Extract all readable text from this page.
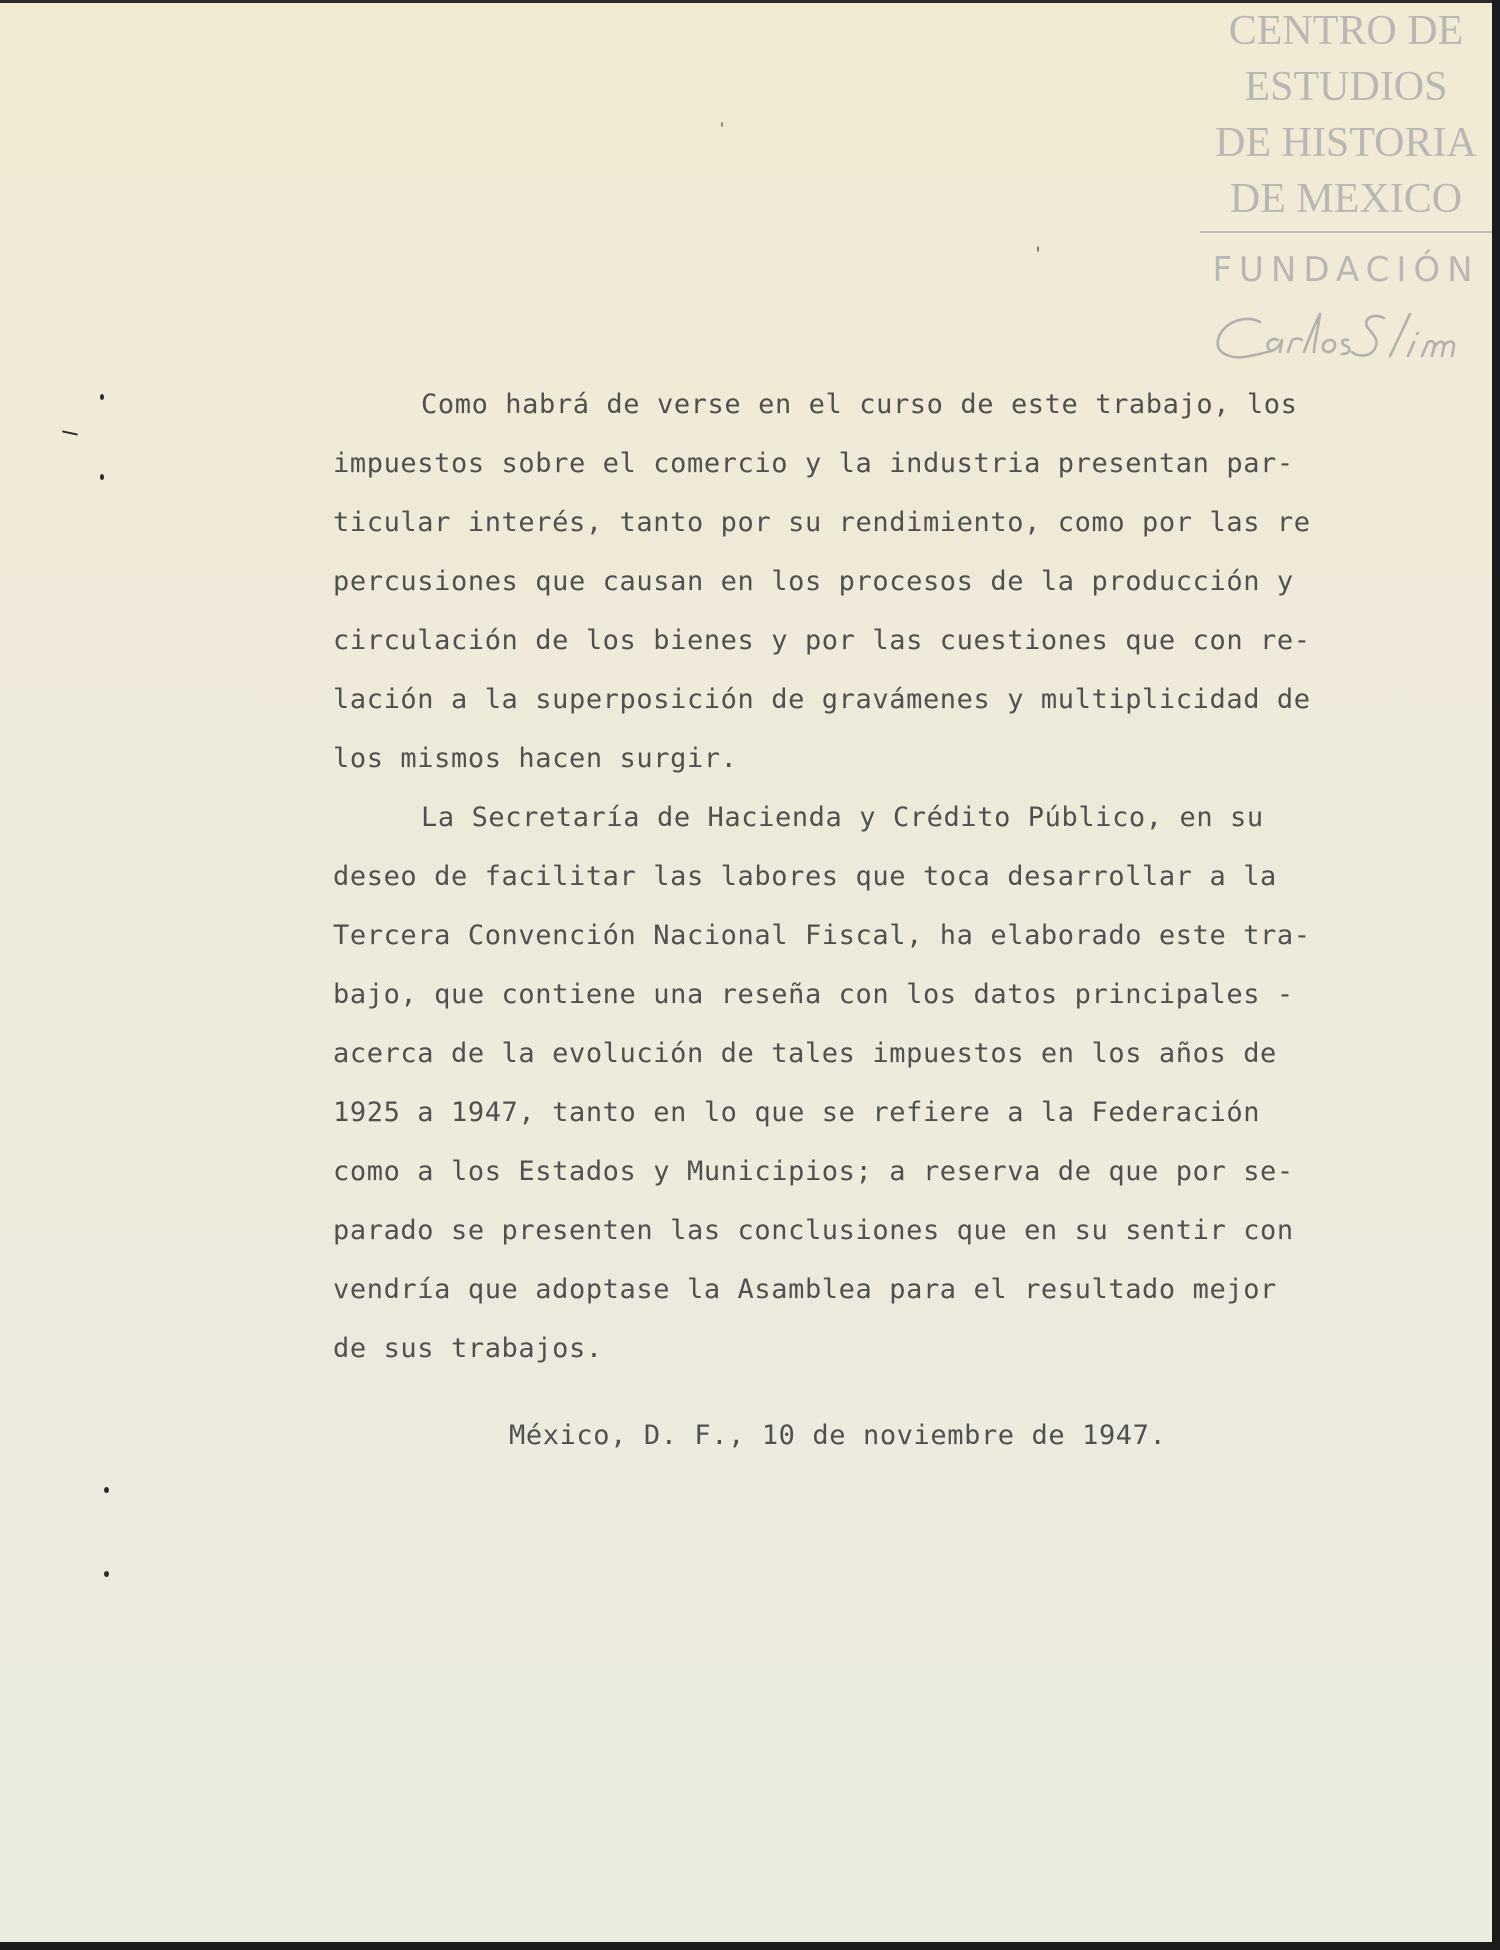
CENTRO DE
ESTUDIOS
DE HISTORIA
DE MEXICO
FUNDACIÓN
Como habrá de verse en el curso de este trabajo, los
impuestos sobre el comercio y la industria presentan par-
ticular interés, tanto por su rendimiento, como por las re
percusiones que causan en los procesos de la producción y
circulación de los bienes y por las cuestiones que con re-
lación a la superposición de gravámenes y multiplicidad de
los mismos hacen surgir.
La Secretaría de Hacienda y Crédito Público, en su
deseo de facilitar las labores que toca desarrollar a la
Tercera Convención Nacional Fiscal, ha elaborado este tra-
bajo, que contiene una reseña con los datos principales -
acerca de la evolución de tales impuestos en los años de
1925 a 1947, tanto en lo que se refiere a la Federación
como a los Estados y Municipios; a reserva de que por se-
parado se presenten las conclusiones que en su sentir con
vendría que adoptase la Asamblea para el resultado mejor
de sus trabajos.
México, D. F., 10 de noviembre de 1947.
